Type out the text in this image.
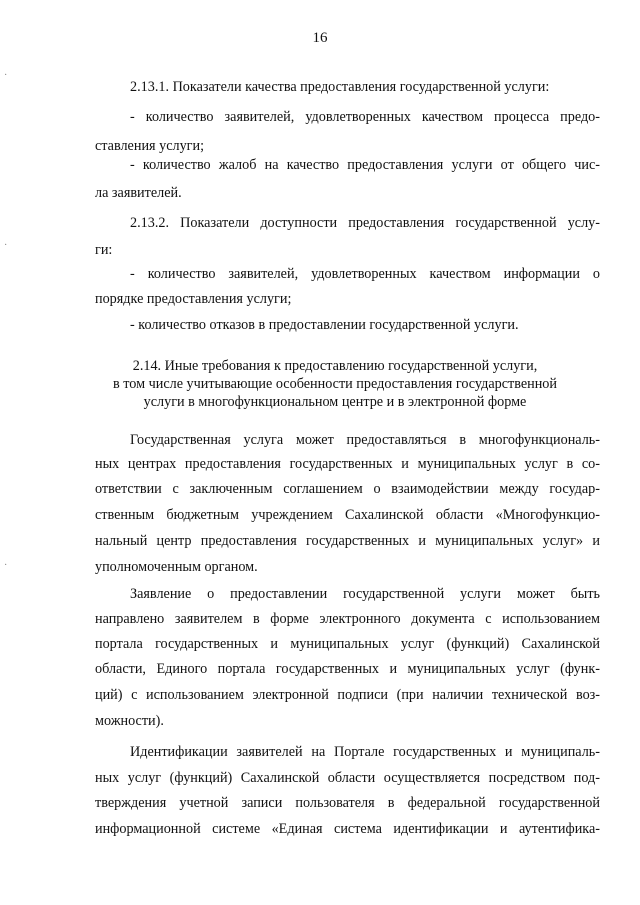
16
2.13.1. Показатели качества предоставления государственной услуги:
- количество заявителей, удовлетворенных качеством процесса предо-
ставления услуги;
- количество жалоб на качество предоставления услуги от общего чис-
ла заявителей.
2.13.2. Показатели доступности предоставления государственной услу-
ги:
- количество заявителей, удовлетворенных качеством информации о
порядке предоставления услуги;
- количество отказов в предоставлении государственной услуги.
2.14. Иные требования к предоставлению государственной услуги,
в том числе учитывающие особенности предоставления государственной
услуги в многофункциональном центре и в электронной форме
Государственная услуга может предоставляться в многофункциональ-
ных центрах предоставления государственных и муниципальных услуг в со-
ответствии с заключенным соглашением о взаимодействии между государ-
ственным бюджетным учреждением Сахалинской области «Многофункцио-
нальный центр предоставления государственных и муниципальных услуг» и
уполномоченным органом.
Заявление о предоставлении государственной услуги может быть
направлено заявителем в форме электронного документа с использованием
портала государственных и муниципальных услуг (функций) Сахалинской
области, Единого портала государственных и муниципальных услуг (функ-
ций) с использованием электронной подписи (при наличии технической воз-
можности).
Идентификации заявителей на Портале государственных и муниципаль-
ных услуг (функций) Сахалинской области осуществляется посредством под-
тверждения учетной записи пользователя в федеральной государственной
информационной системе «Единая система идентификации и аутентифика-
·
·
·
